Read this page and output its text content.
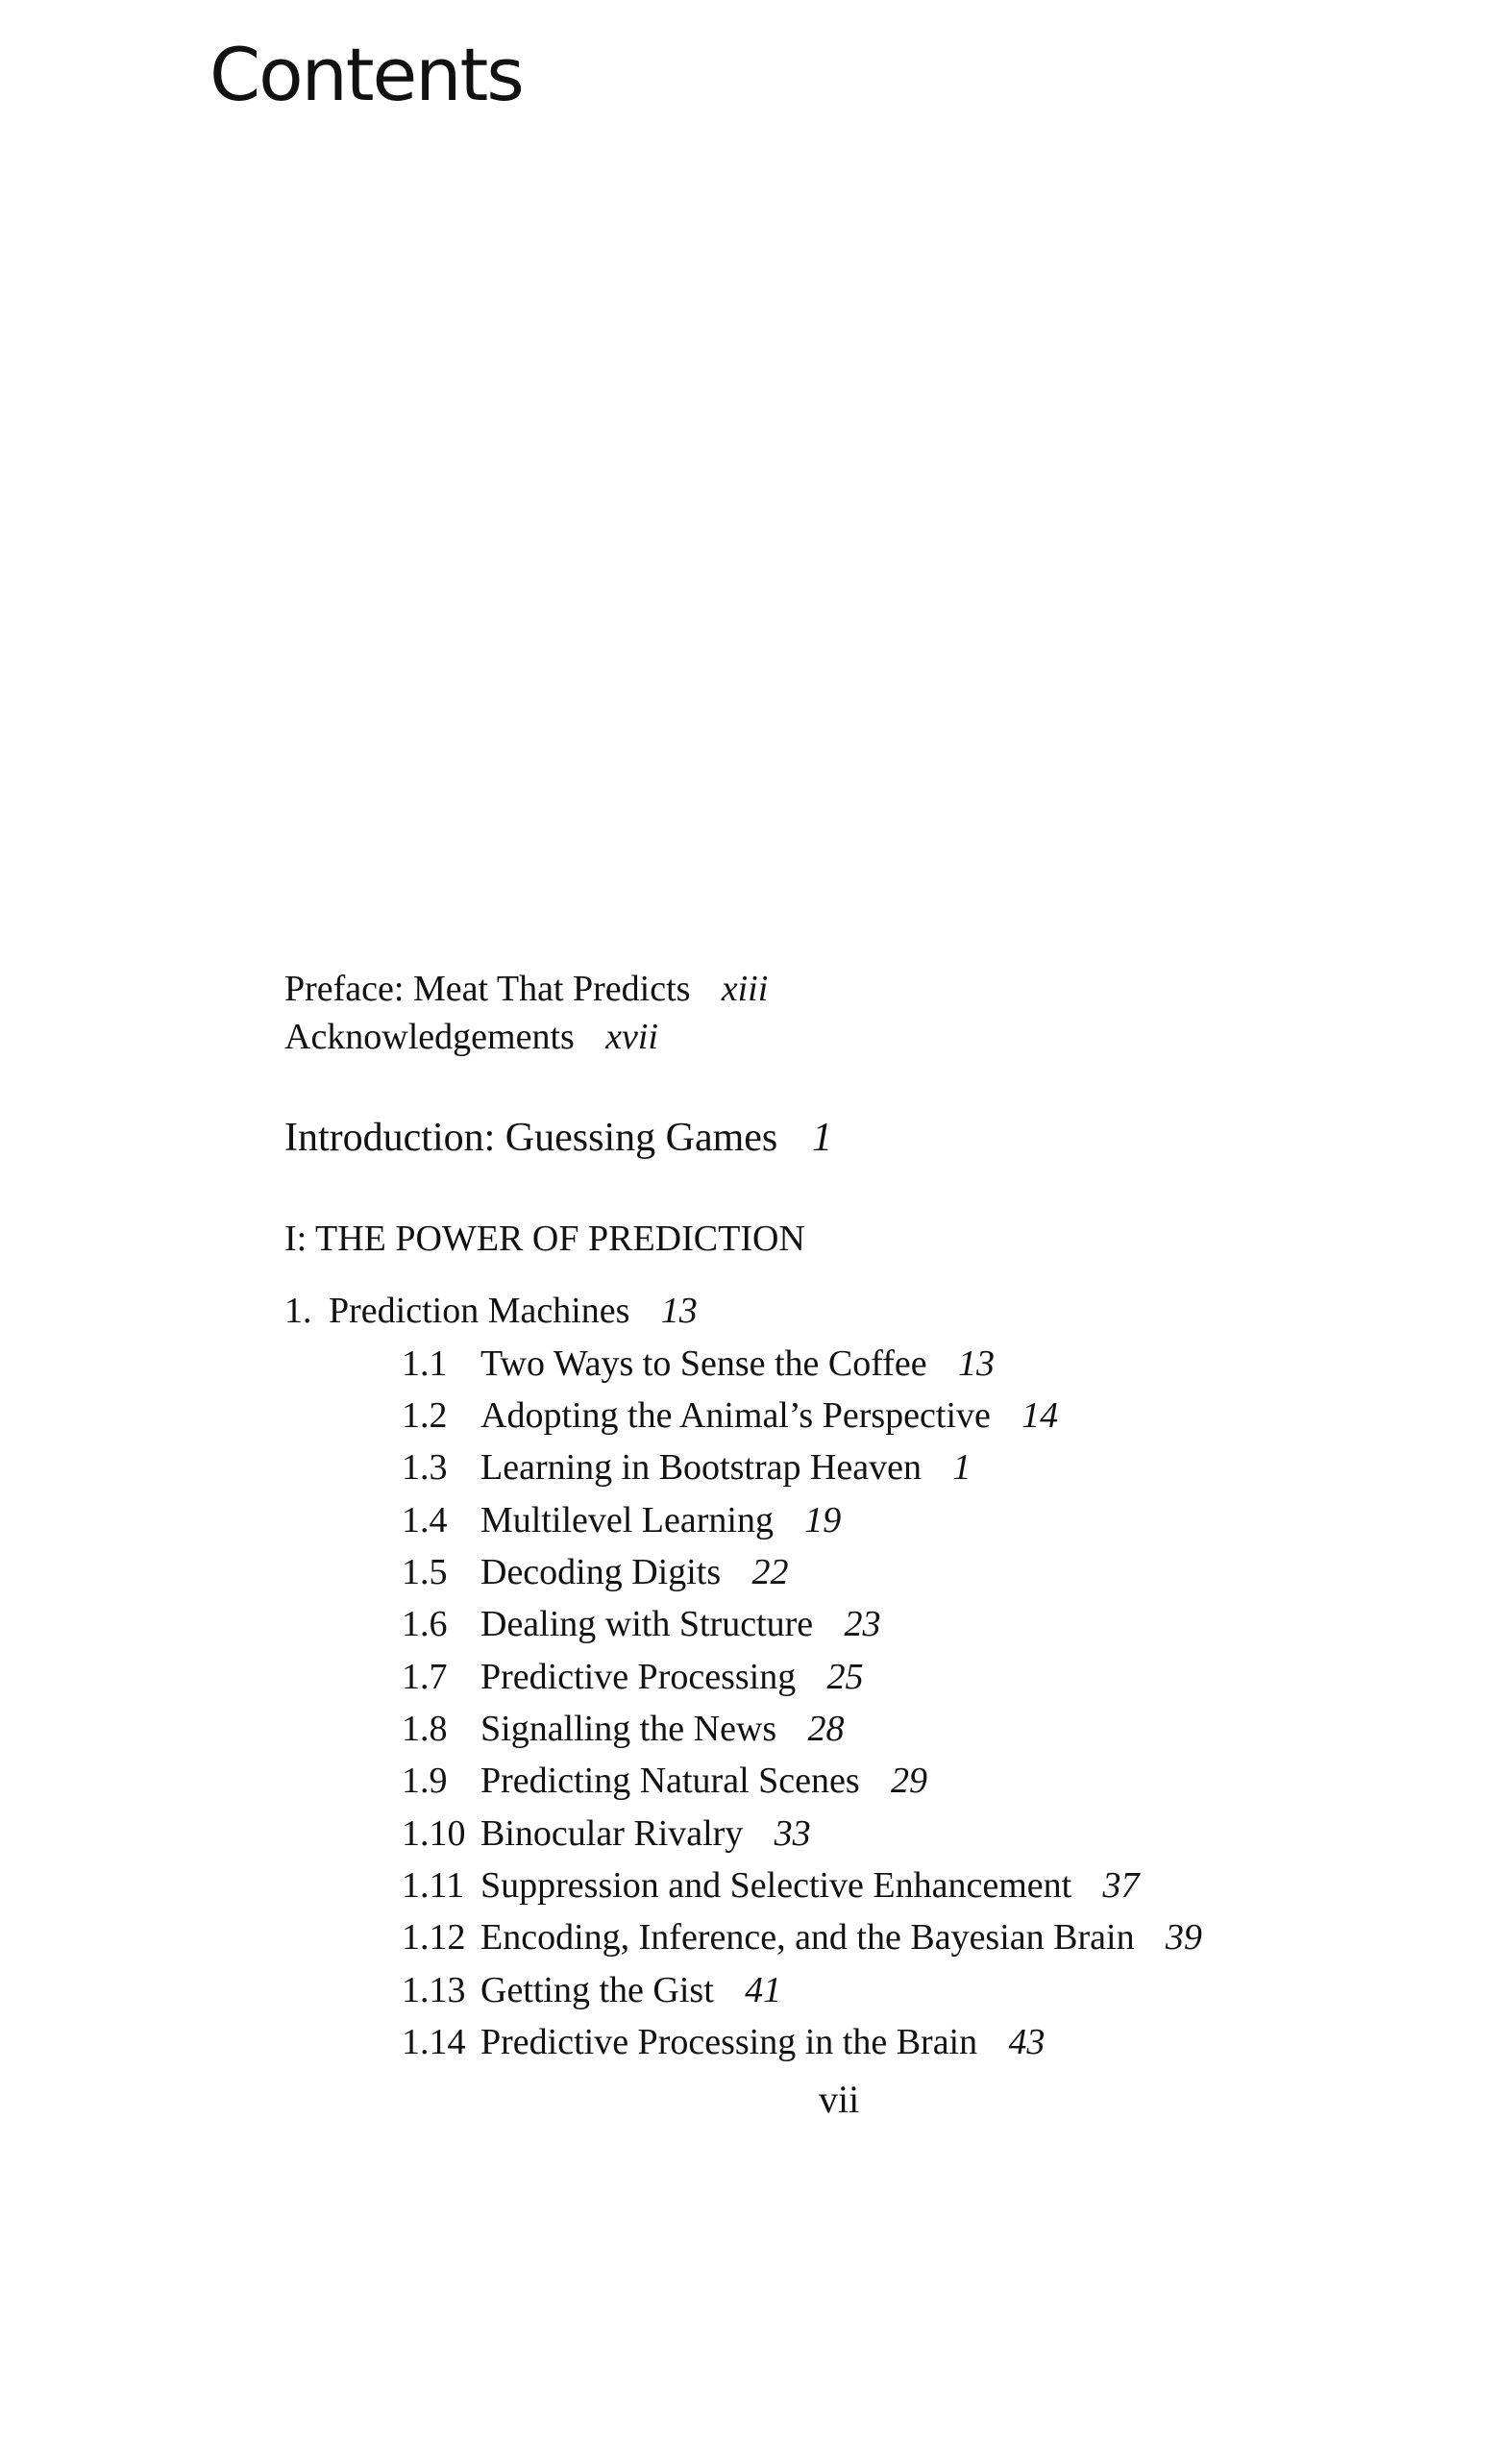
Contents
Preface: Meat That Predicts xiii
Acknowledgements xvii
Introduction: Guessing Games 1
I: THE POWER OF PREDICTION
1. Prediction Machines 13
1.1 Two Ways to Sense the Coffee 13
1.2 Adopting the Animal’s Perspective 14
1.3 Learning in Bootstrap Heaven 1
1.4 Multilevel Learning 19
1.5 Decoding Digits 22
1.6 Dealing with Structure 23
1.7 Predictive Processing 25
1.8 Signalling the News 28
1.9 Predicting Natural Scenes 29
1.10 Binocular Rivalry 33
1.11 Suppression and Selective Enhancement 37
1.12 Encoding, Inference, and the Bayesian Brain 39
1.13 Getting the Gist 41
1.14 Predictive Processing in the Brain 43
vii
